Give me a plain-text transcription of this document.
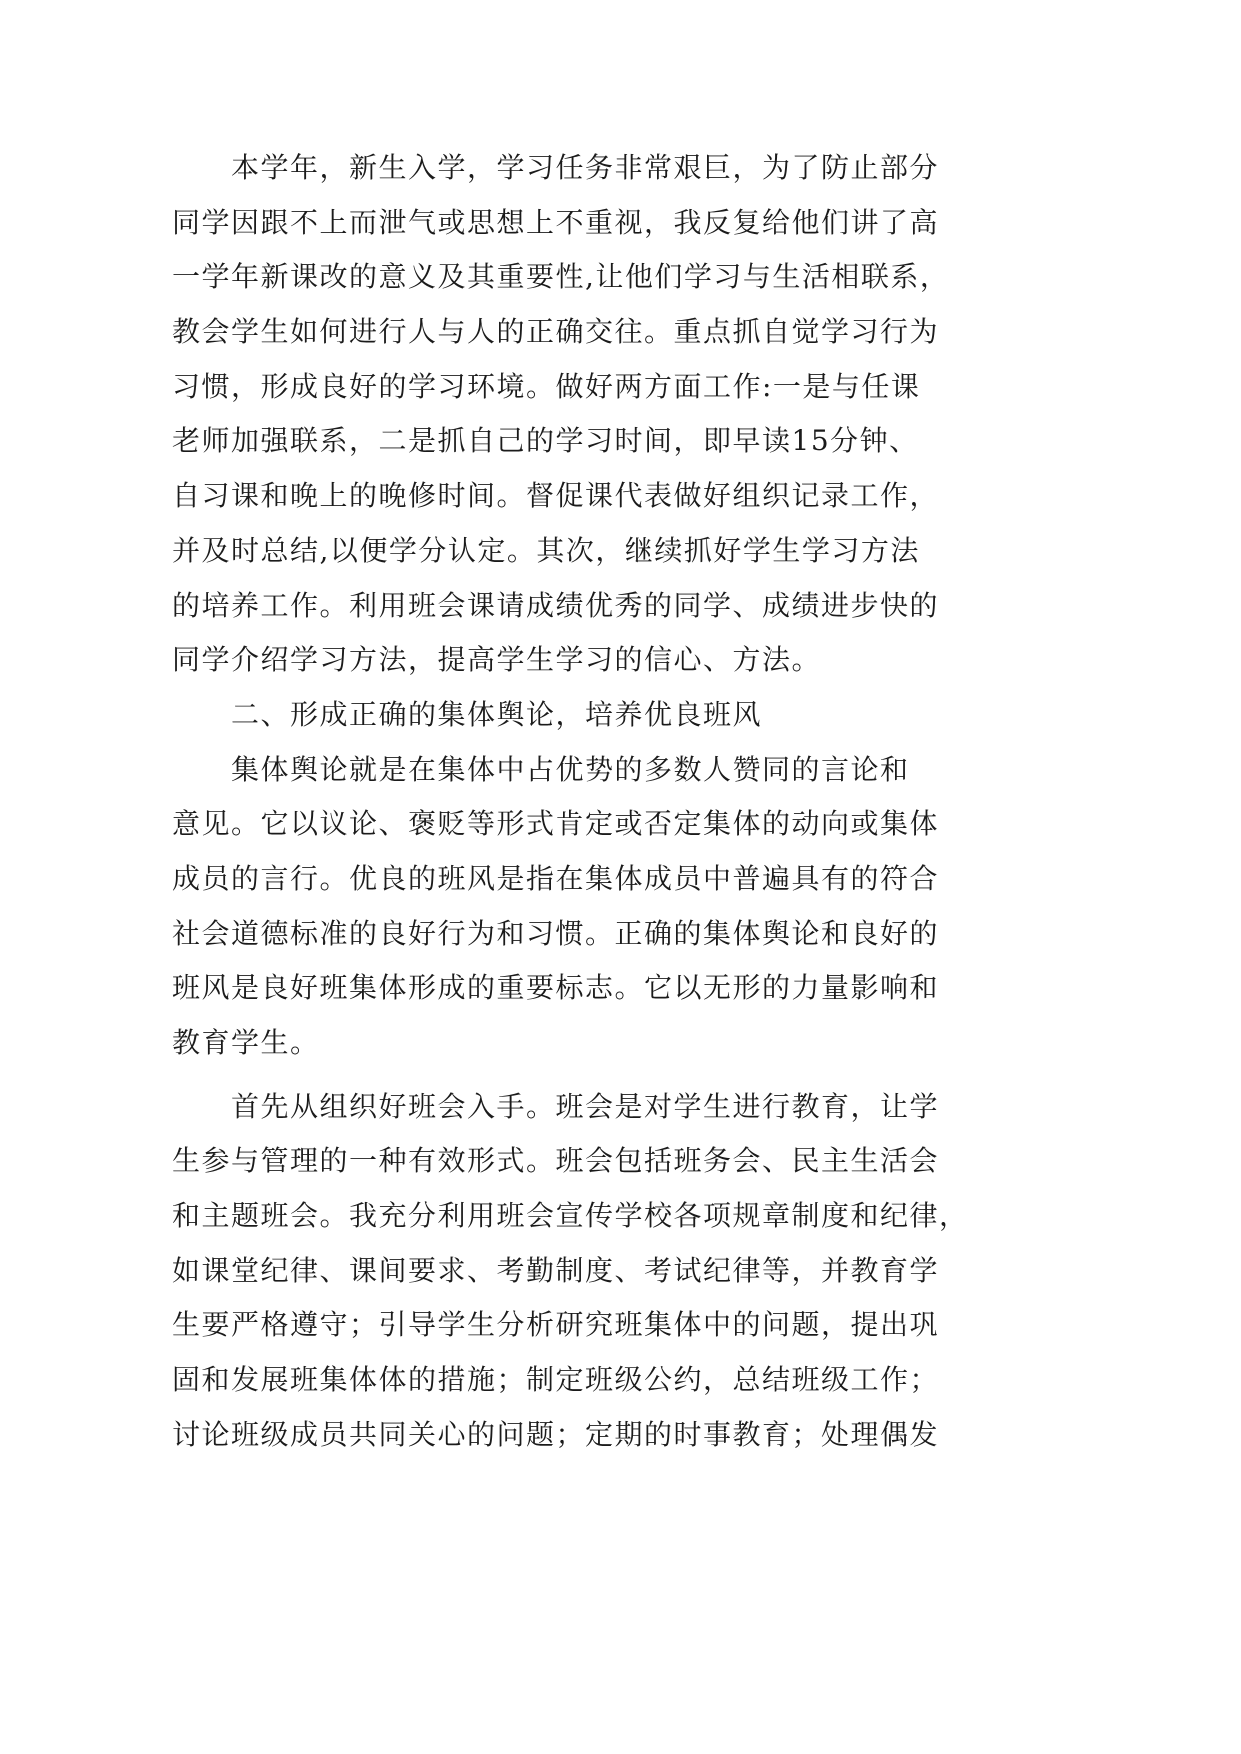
本学年，新生入学，学习任务非常艰巨，为了防止部分
同学因跟不上而泄气或思想上不重视，我反复给他们讲了高
一学年新课改的意义及其重要性,让他们学习与生活相联系，
教会学生如何进行人与人的正确交往。重点抓自觉学习行为
习惯，形成良好的学习环境。做好两方面工作:一是与任课
老师加强联系，二是抓自己的学习时间，即早读15分钟、
自习课和晚上的晚修时间。督促课代表做好组织记录工作，
并及时总结,以便学分认定。其次，继续抓好学生学习方法
的培养工作。利用班会课请成绩优秀的同学、成绩进步快的
同学介绍学习方法，提高学生学习的信心、方法。
二、形成正确的集体舆论，培养优良班风
集体舆论就是在集体中占优势的多数人赞同的言论和
意见。它以议论、褒贬等形式肯定或否定集体的动向或集体
成员的言行。优良的班风是指在集体成员中普遍具有的符合
社会道德标准的良好行为和习惯。正确的集体舆论和良好的
班风是良好班集体形成的重要标志。它以无形的力量影响和
教育学生。
首先从组织好班会入手。班会是对学生进行教育，让学
生参与管理的一种有效形式。班会包括班务会、民主生活会
和主题班会。我充分利用班会宣传学校各项规章制度和纪律，
如课堂纪律、课间要求、考勤制度、考试纪律等，并教育学
生要严格遵守；引导学生分析研究班集体中的问题，提出巩
固和发展班集体体的措施；制定班级公约，总结班级工作；
讨论班级成员共同关心的问题；定期的时事教育；处理偶发
